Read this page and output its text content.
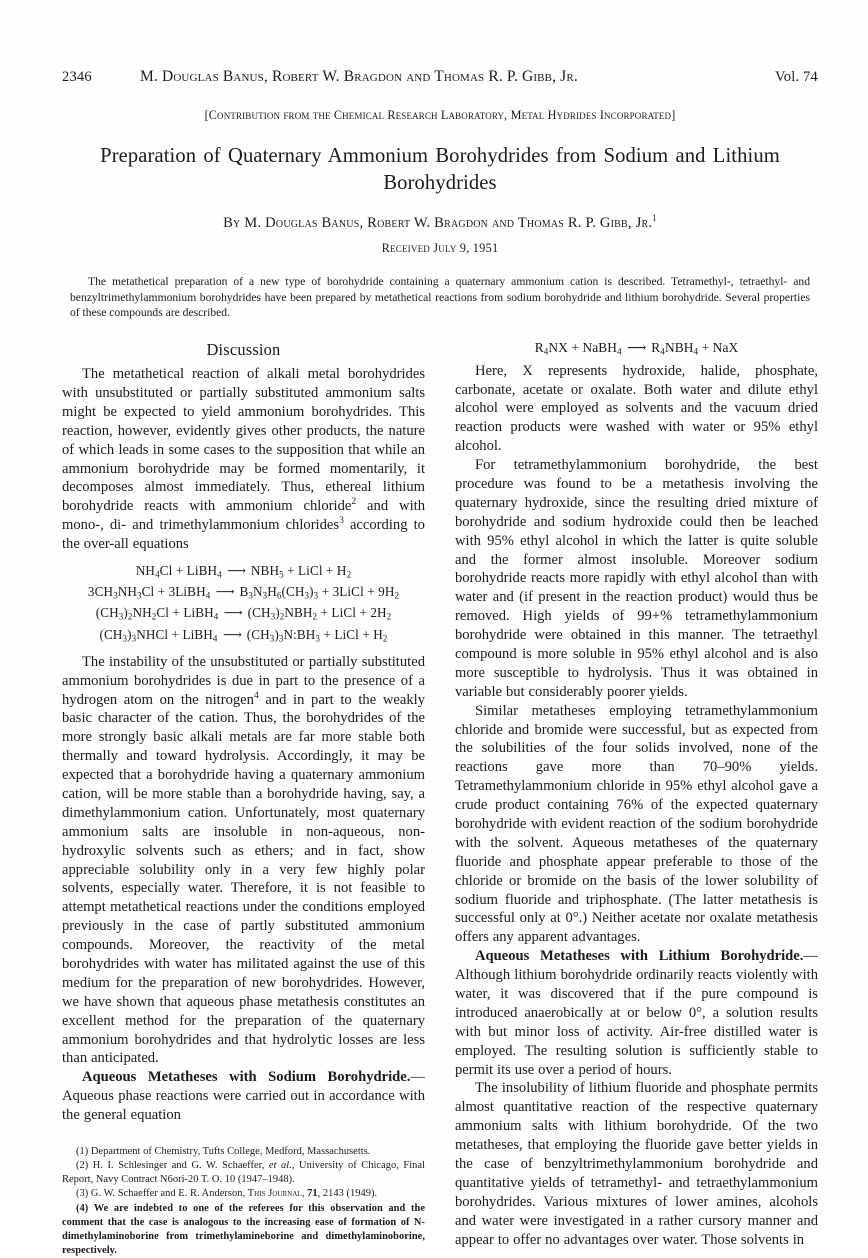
2346	M. Douglas Banus, Robert W. Bragdon and Thomas R. P. Gibb, Jr.	Vol. 74
[Contribution from the Chemical Research Laboratory, Metal Hydrides Incorporated]
Preparation of Quaternary Ammonium Borohydrides from Sodium and Lithium Borohydrides
By M. Douglas Banus, Robert W. Bragdon and Thomas R. P. Gibb, Jr.$^1$
Received July 9, 1951
The metathetical preparation of a new type of borohydride containing a quaternary ammonium cation is described. Tetramethyl-, tetraethyl- and benzyltrimethylammonium borohydrides have been prepared by metathetical reactions from sodium borohydride and lithium borohydride. Several properties of these compounds are described.
Discussion

The metathetical reaction of alkali metal borohydrides with unsubstituted or partially substituted ammonium salts might be expected to yield ammonium borohydrides. This reaction, however, evidently gives other products, the nature of which leads in some cases to the supposition that while an ammonium borohydride may be formed momentarily, it decomposes almost immediately. Thus, ethereal lithium borohydride reacts with ammonium chloride$^2$ and with mono-, di- and trimethylammonium chlorides$^3$ according to the over-all equations

$NH_4Cl$ + LiBH$_4$ ⟶ $NBH_5$ + LiCl + $H_2$
$3CH_3NH_3Cl$ + 3LiBH$_4$ ⟶ $B_3N_3H_6(CH_3)_3$ + 3LiCl + $9H_2$
$(CH_3)_2NH_2Cl$ + LiBH$_4$ ⟶ $(CH_3)_2NBH_2$ + LiCl + $2H_2$
$(CH_3)_3NHCl$ + LiBH$_4$ ⟶ $(CH_3)_3N:BH_3$ + LiCl + $H_2$

The instability of the unsubstituted or partially substituted ammonium borohydrides is due in part to the presence of a hydrogen atom on the nitrogen$^4$ and in part to the weakly basic character of the cation. Thus, the borohydrides of the more strongly basic alkali metals are far more stable both thermally and toward hydrolysis. Accordingly, it may be expected that a borohydride having a quaternary ammonium cation, will be more stable than a borohydride having, say, a dimethylammonium cation. Unfortunately, most quaternary ammonium salts are insoluble in non-aqueous, non-hydroxylic solvents such as ethers; and in fact, show appreciable solubility only in a very few highly polar solvents, especially water. Therefore, it is not feasible to attempt metathetical reactions under the conditions employed previously in the case of partly substituted ammonium compounds. Moreover, the reactivity of the metal borohydrides with water has militated against the use of this medium for the preparation of new borohydrides. However, we have shown that aqueous phase metathesis constitutes an excellent method for the preparation of the quaternary ammonium borohydrides and that hydrolytic losses are less than anticipated.

Aqueous Metatheses with Sodium Borohydride.—Aqueous phase reactions were carried out in accordance with the general equation

(1) Department of Chemistry, Tufts College, Medford, Massachusetts.

(2) H. I. Schlesinger and G. W. Schaeffer, et al., University of Chicago, Final Report, Navy Contract N6ori-20 T. O. 10 (1947–1948).

(3) G. W. Schaeffer and E. R. Anderson, This Journal, 71, 2143 (1949).

(4) We are indebted to one of the referees for this observation and the comment that the case is analogous to the increasing ease of formation of N-dimethylaminoborine from trimethylamineborine and dimethylaminoborine, respectively.

$R_4NX$ + NaBH$_4$ ⟶ $R_4NBH_4$ + NaX

Here, X represents hydroxide, halide, phosphate, carbonate, acetate or oxalate. Both water and dilute ethyl alcohol were employed as solvents and the vacuum dried reaction products were washed with water or 95% ethyl alcohol.

For tetramethylammonium borohydride, the best procedure was found to be a metathesis involving the quaternary hydroxide, since the resulting dried mixture of borohydride and sodium hydroxide could then be leached with 95% ethyl alcohol in which the latter is quite soluble and the former almost insoluble. Moreover sodium borohydride reacts more rapidly with ethyl alcohol than with water and (if present in the reaction product) would thus be removed. High yields of 99+% tetramethylammonium borohydride were obtained in this manner. The tetraethyl compound is more soluble in 95% ethyl alcohol and is also more susceptible to hydrolysis. Thus it was obtained in variable but considerably poorer yields.

Similar metatheses employing tetramethylammonium chloride and bromide were successful, but as expected from the solubilities of the four solids involved, none of the reactions gave more than 70–90% yields. Tetramethylammonium chloride in 95% ethyl alcohol gave a crude product containing 76% of the expected quaternary borohydride with evident reaction of the sodium borohydride with the solvent. Aqueous metatheses of the quaternary fluoride and phosphate appear preferable to those of the chloride or bromide on the basis of the lower solubility of sodium fluoride and triphosphate. (The latter metathesis is successful only at 0°.) Neither acetate nor oxalate metathesis offers any apparent advantages.

Aqueous Metatheses with Lithium Borohydride.—Although lithium borohydride ordinarily reacts violently with water, it was discovered that if the pure compound is introduced anaerobically at or below 0°, a solution results with but minor loss of activity. Air-free distilled water is employed. The resulting solution is sufficiently stable to permit its use over a period of hours.

The insolubility of lithium fluoride and phosphate permits almost quantitative reaction of the respective quaternary ammonium salts with lithium borohydride. Of the two metatheses, that employing the fluoride gave better yields in the case of benzyltrimethylammonium borohydride and quantitative yields of tetramethyl- and tetraethylammonium borohydrides. Various mixtures of lower amines, alcohols and water were investigated in a rather cursory manner and appear to offer no advantages over water. Those solvents in
